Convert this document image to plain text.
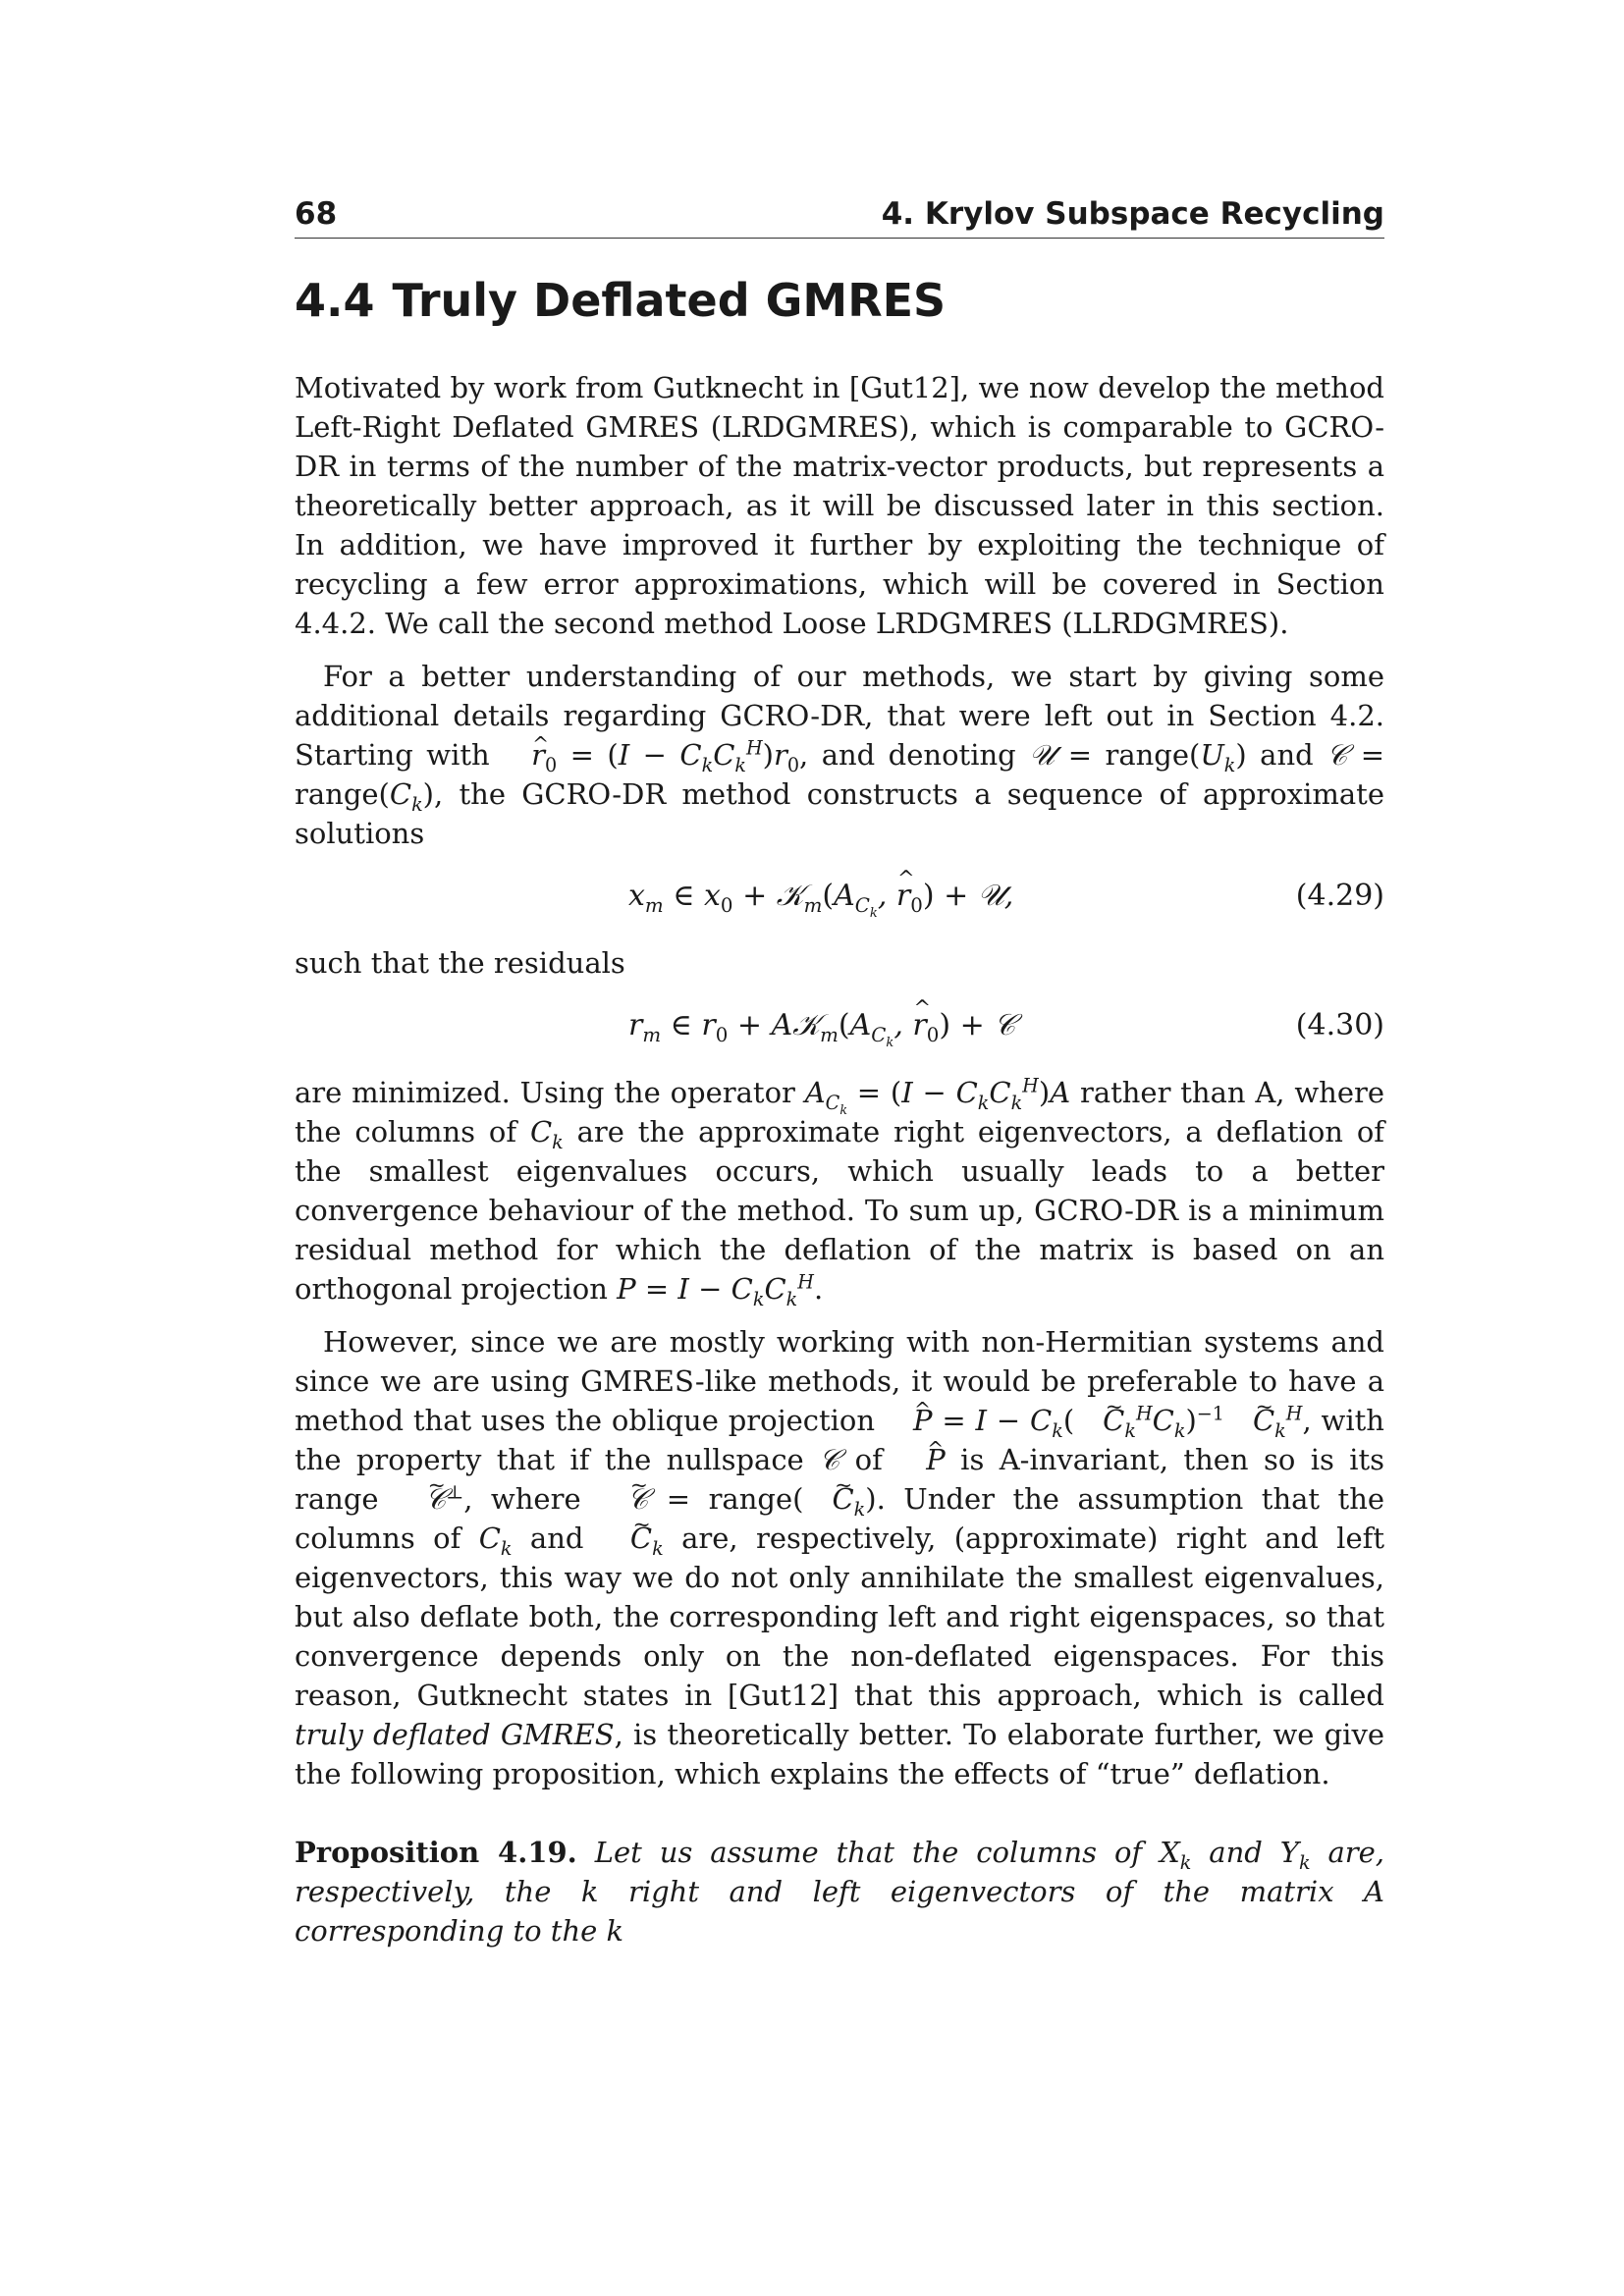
68	4. Krylov Subspace Recycling
4.4 Truly Deflated GMRES

Motivated by work from Gutknecht in [Gut12], we now develop the method Left-Right Deflated GMRES (LRDGMRES), which is comparable to GCRO-DR in terms of the number of the matrix-vector products, but represents a theoretically better approach, as it will be discussed later in this section. In addition, we have improved it further by exploiting the technique of recycling a few error approximations, which will be covered in Section 4.4.2. We call the second method Loose LRDGMRES (LLRDGMRES).

For a better understanding of our methods, we start by giving some additional details regarding GCRO-DR, that were left out in Section 4.2. Starting with ^ $r_0 = (I - C_kC_k^H)r_0$, and denoting 𝒰 = $range(U_k)$ and 𝒞 = $range(C_k)$, the GCRO-DR method constructs a sequence of approximate solutions

$x_m$ ∈ $x_0$ + $𝒦_m(A_{C_k}$, ^ $r_0$) + 𝒰,	(4.29)

such that the residuals

$r_m$ ∈ $r_0$ + $A𝒦_m(A_{C_k}$, ^ $r_0$) + 𝒞	(4.30)

are minimized. Using the operator $A_{C_k} = (I - C_kC_k^H)A$ rather than A, where the columns of $C_k$ are the approximate right eigenvectors, a deflation of the smallest eigenvalues occurs, which usually leads to a better convergence behaviour of the method. To sum up, GCRO-DR is a minimum residual method for which the deflation of the matrix is based on an orthogonal projection $P = I - C_kC_k^H$.

However, since we are mostly working with non-Hermitian systems and since we are using GMRES-like methods, it would be preferable to have a method that uses the oblique projection ^ $P = I - C_k$( ~ $C_k^HC_k)^{-1}$ ~ $C_k^H$, with the property that if the nullspace 𝒞 of ^ P is A-invariant, then so is its range ~ 𝒞⊥, where ~ 𝒞 = range( ~ $C_k$). Under the assumption that the columns of $C_k$ and ~ $C_k$ are, respectively, (approximate) right and left eigenvectors, this way we do not only annihilate the smallest eigenvalues, but also deflate both, the corresponding left and right eigenspaces, so that convergence depends only on the non-deflated eigenspaces. For this reason, Gutknecht states in [Gut12] that this approach, which is called truly deflated GMRES, is theoretically better. To elaborate further, we give the following proposition, which explains the effects of “true” deflation.

Proposition 4.19. Let us assume that the columns of $X_k$ and $Y_k$ are, respectively, the k right and left eigenvectors of the matrix A corresponding to the k
